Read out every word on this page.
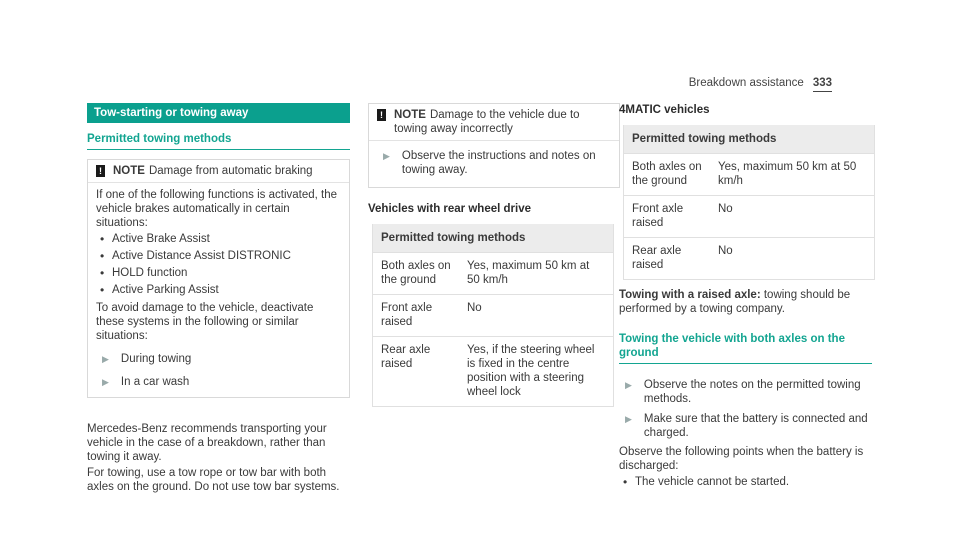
Breakdown assistance 333
Tow-starting or towing away
Permitted towing methods
! NOTE Damage from automatic braking

If one of the following functions is activated, the vehicle brakes automatically in certain situations:

• Active Brake Assist
• Active Distance Assist DISTRONIC
• HOLD function
• Active Parking Assist

To avoid damage to the vehicle, deactivate these systems in the following or similar situations:

▶ During towing
▶ In a car wash

Mercedes-Benz recommends transporting your vehicle in the case of a breakdown, rather than towing it away.

For towing, use a tow rope or tow bar with both axles on the ground. Do not use tow bar systems.

! NOTE Damage to the vehicle due to towing away incorrectly
▶ Observe the instructions and notes on towing away.
Vehicles with rear wheel drive
Permitted towing methods	
Both axles on the ground	Yes, maximum 50 km at 50 km/h
Front axle raised	No
Rear axle raised	Yes, if the steering wheel is fixed in the centre position with a steering wheel lock
4MATIC vehicles
Permitted towing methods	
Both axles on the ground	Yes, maximum 50 km at 50 km/h
Front axle raised	No
Rear axle raised	No

Towing with a raised axle: towing should be performed by a towing company.

Towing the vehicle with both axles on the ground
▶ Observe the notes on the permitted towing methods.
▶ Make sure that the battery is connected and charged.

Observe the following points when the battery is discharged:

• The vehicle cannot be started.
